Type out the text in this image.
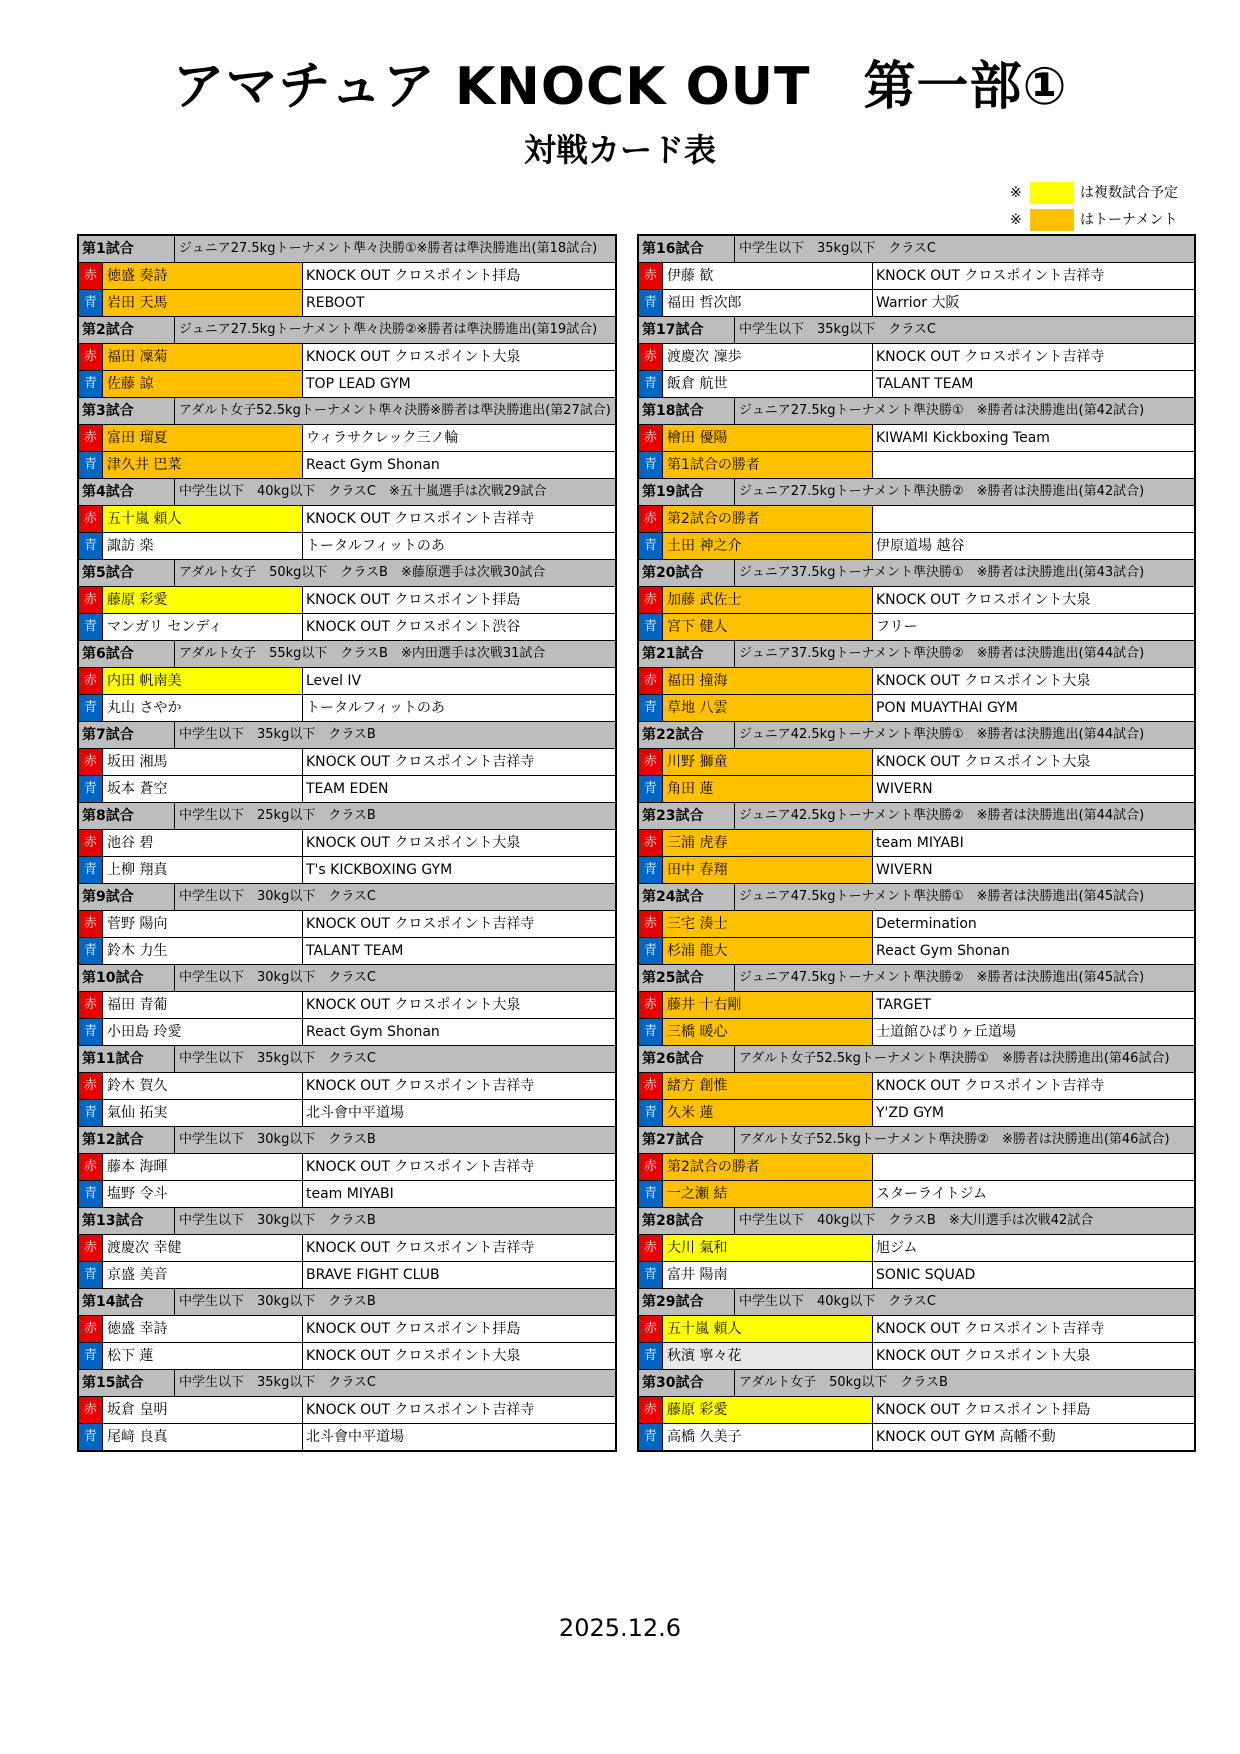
アマチュア KNOCK OUT　第一部①
対戦カード表
※	は複数試合予定
※	はトーナメント
第1試合	ジュニア27.5kgトーナメント準々決勝①※勝者は準決勝進出(第18試合)
赤 徳盛 奏詩	KNOCK OUT クロスポイント拝島
青 岩田 天馬	REBOOT
第2試合	ジュニア27.5kgトーナメント準々決勝②※勝者は準決勝進出(第19試合)
赤 福田 凜菊	KNOCK OUT クロスポイント大泉
青 佐藤 諒	TOP LEAD GYM
第3試合	アダルト女子52.5kgトーナメント準々決勝※勝者は準決勝進出(第27試合)
赤 富田 瑠夏	ウィラサクレック三ノ輪
青 津久井 巴菜	React Gym Shonan
第4試合	中学生以下　40kg以下　クラスC　※五十嵐選手は次戦29試合
赤 五十嵐 頼人	KNOCK OUT クロスポイント吉祥寺
青 諏訪 楽	トータルフィットのあ
第5試合	アダルト女子　50kg以下　クラスB　※藤原選手は次戦30試合
赤 藤原 彩愛	KNOCK OUT クロスポイント拝島
青 マンガリ センディ	KNOCK OUT クロスポイント渋谷
第6試合	アダルト女子　55kg以下　クラスB　※内田選手は次戦31試合
赤 内田 帆南美	Level IV
青 丸山 さやか	トータルフィットのあ
第7試合	中学生以下　35kg以下　クラスB
赤 坂田 湘馬	KNOCK OUT クロスポイント吉祥寺
青 坂本 蒼空	TEAM EDEN
第8試合	中学生以下　25kg以下　クラスB
赤 池谷 碧	KNOCK OUT クロスポイント大泉
青 上柳 翔真	T's KICKBOXING GYM
第9試合	中学生以下　30kg以下　クラスC
赤 菅野 陽向	KNOCK OUT クロスポイント吉祥寺
青 鈴木 力生	TALANT TEAM
第10試合	中学生以下　30kg以下　クラスC
赤 福田 青葡	KNOCK OUT クロスポイント大泉
青 小田島 玲愛	React Gym Shonan
第11試合	中学生以下　35kg以下　クラスC
赤 鈴木 賀久	KNOCK OUT クロスポイント吉祥寺
青 氣仙 拓実	北斗會中平道場
第12試合	中学生以下　30kg以下　クラスB
赤 藤本 海暉	KNOCK OUT クロスポイント吉祥寺
青 塩野 令斗	team MIYABI
第13試合	中学生以下　30kg以下　クラスB
赤 渡慶次 幸健	KNOCK OUT クロスポイント吉祥寺
青 京盛 美音	BRAVE FIGHT CLUB
第14試合	中学生以下　30kg以下　クラスB
赤 徳盛 幸詩	KNOCK OUT クロスポイント拝島
青 松下 蓮	KNOCK OUT クロスポイント大泉
第15試合	中学生以下　35kg以下　クラスC
赤 坂倉 皇明	KNOCK OUT クロスポイント吉祥寺
青 尾﨑 良真	北斗會中平道場
第16試合	中学生以下　35kg以下　クラスC
赤 伊藤 歓	KNOCK OUT クロスポイント吉祥寺
青 福田 哲次郎	Warrior 大阪
第17試合	中学生以下　35kg以下　クラスC
赤 渡慶次 凜歩	KNOCK OUT クロスポイント吉祥寺
青 飯倉 航世	TALANT TEAM
第18試合	ジュニア27.5kgトーナメント準決勝①　※勝者は決勝進出(第42試合)
赤 檜田 優陽	KIWAMI Kickboxing Team
青 第1試合の勝者
第19試合	ジュニア27.5kgトーナメント準決勝②　※勝者は決勝進出(第42試合)
赤 第2試合の勝者
青 土田 神之介	伊原道場 越谷
第20試合	ジュニア37.5kgトーナメント準決勝①　※勝者は決勝進出(第43試合)
赤 加藤 武佐士	KNOCK OUT クロスポイント大泉
青 宮下 健人	フリー
第21試合	ジュニア37.5kgトーナメント準決勝②　※勝者は決勝進出(第44試合)
赤 福田 撞海	KNOCK OUT クロスポイント大泉
青 草地 八雲	PON MUAYTHAI GYM
第22試合	ジュニア42.5kgトーナメント準決勝①　※勝者は決勝進出(第44試合)
赤 川野 獅童	KNOCK OUT クロスポイント大泉
青 角田 蓮	WIVERN
第23試合	ジュニア42.5kgトーナメント準決勝②　※勝者は決勝進出(第44試合)
赤 三浦 虎春	team MIYABI
青 田中 春翔	WIVERN
第24試合	ジュニア47.5kgトーナメント準決勝①　※勝者は決勝進出(第45試合)
赤 三宅 湊士	Determination
青 杉浦 龍大	React Gym Shonan
第25試合	ジュニア47.5kgトーナメント準決勝②　※勝者は決勝進出(第45試合)
赤 藤井 十右剛	TARGET
青 三橋 暖心	士道館ひばりヶ丘道場
第26試合	アダルト女子52.5kgトーナメント準決勝①　※勝者は決勝進出(第46試合)
赤 緒方 創惟	KNOCK OUT クロスポイント吉祥寺
青 久米 蓮	Y'ZD GYM
第27試合	アダルト女子52.5kgトーナメント準決勝②　※勝者は決勝進出(第46試合)
赤 第2試合の勝者
青 一之瀬 結	スターライトジム
第28試合	中学生以下　40kg以下　クラスB　※大川選手は次戦42試合
赤 大川 氣和	旭ジム
青 富井 陽南	SONIC SQUAD
第29試合	中学生以下　40kg以下　クラスC
赤 五十嵐 頼人	KNOCK OUT クロスポイント吉祥寺
青 秋濱 寧々花	KNOCK OUT クロスポイント大泉
第30試合	アダルト女子　50kg以下　クラスB
赤 藤原 彩愛	KNOCK OUT クロスポイント拝島
青 高橋 久美子	KNOCK OUT GYM 高幡不動
2025.12.6
